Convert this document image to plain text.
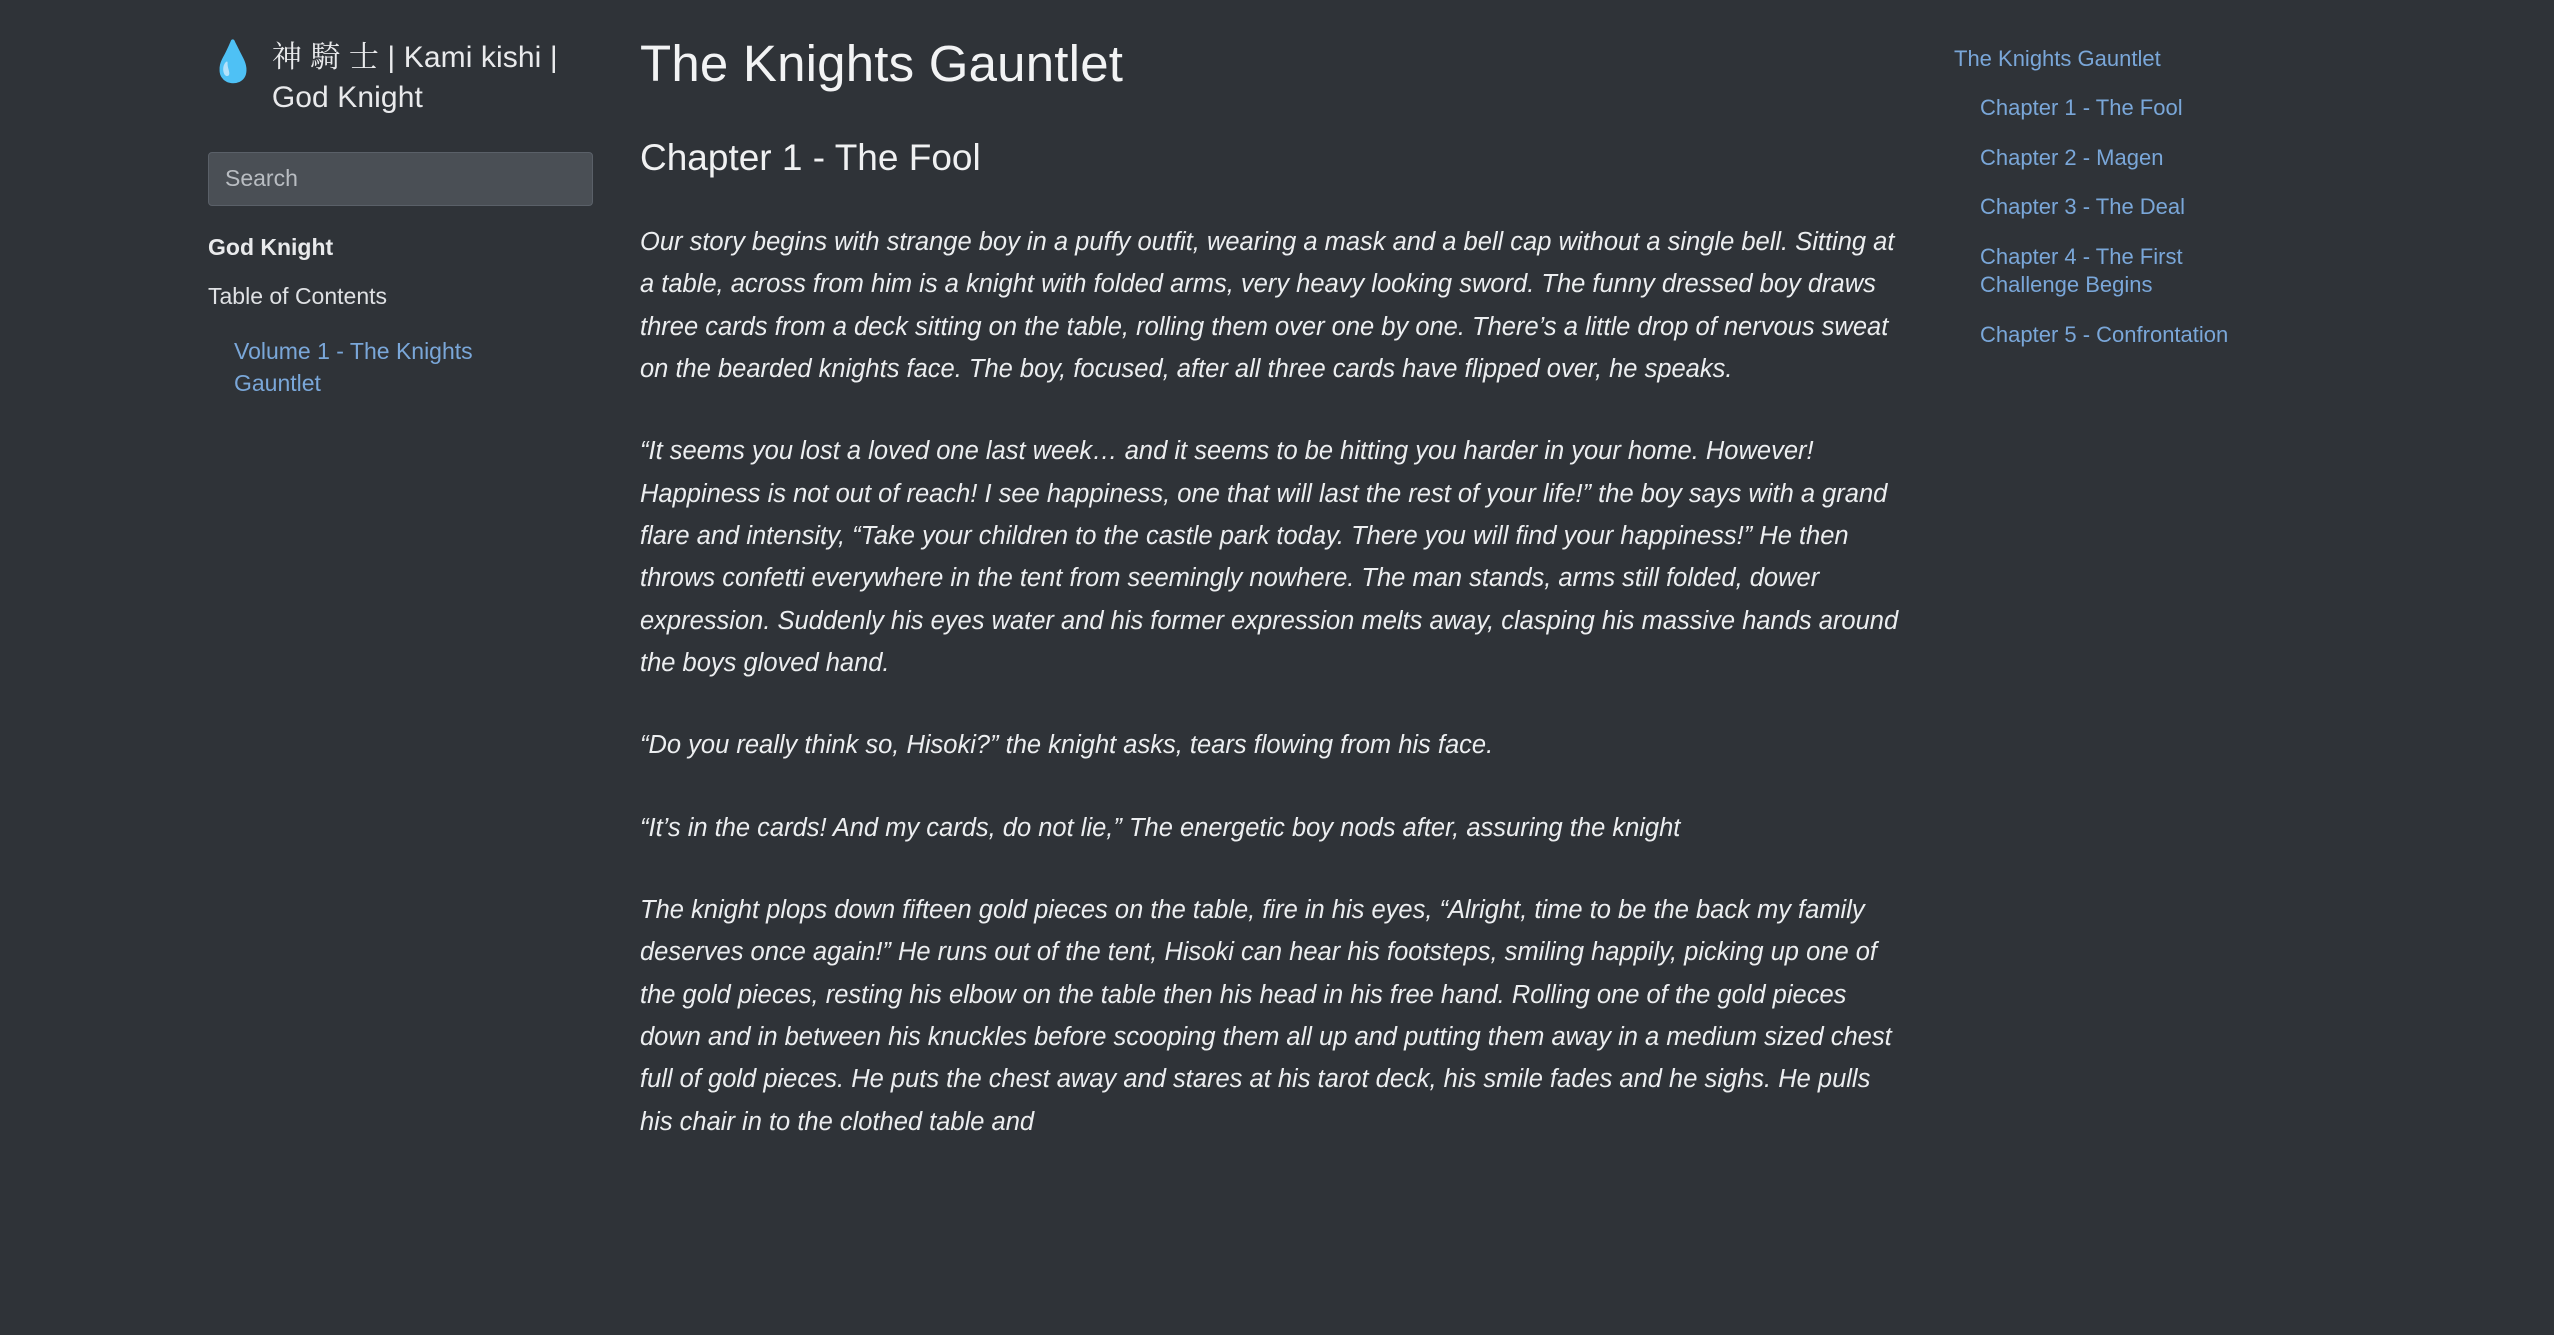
💧 神 騎 士 | Kami kishi | God Knight
Search
God Knight
Table of Contents
Volume 1 - The Knights Gauntlet
The Knights Gauntlet
Chapter 1 - The Fool

Our story begins with strange boy in a puffy outfit, wearing a mask and a bell cap without a single bell. Sitting at a table, across from him is a knight with folded arms, very heavy looking sword. The funny dressed boy draws three cards from a deck sitting on the table, rolling them over one by one. There’s a little drop of nervous sweat on the bearded knights face. The boy, focused, after all three cards have flipped over, he speaks.

“It seems you lost a loved one last week… and it seems to be hitting you harder in your home. However! Happiness is not out of reach! I see happiness, one that will last the rest of your life!” the boy says with a grand flare and intensity, “Take your children to the castle park today. There you will find your happiness!” He then throws confetti everywhere in the tent from seemingly nowhere. The man stands, arms still folded, dower expression. Suddenly his eyes water and his former expression melts away, clasping his massive hands around the boys gloved hand.

“Do you really think so, Hisoki?” the knight asks, tears flowing from his face.

“It’s in the cards! And my cards, do not lie,” The energetic boy nods after, assuring the knight

The knight plops down fifteen gold pieces on the table, fire in his eyes, “Alright, time to be the back my family deserves once again!” He runs out of the tent, Hisoki can hear his footsteps, smiling happily, picking up one of the gold pieces, resting his elbow on the table then his head in his free hand. Rolling one of the gold pieces down and in between his knuckles before scooping them all up and putting them away in a medium sized chest full of gold pieces. He puts the chest away and stares at his tarot deck, his smile fades and he sighs. He pulls his chair in to the clothed table and

The Knights Gauntlet
Chapter 1 - The Fool
Chapter 2 - Magen
Chapter 3 - The Deal
Chapter 4 - The First Challenge Begins
Chapter 5 - Confrontation
